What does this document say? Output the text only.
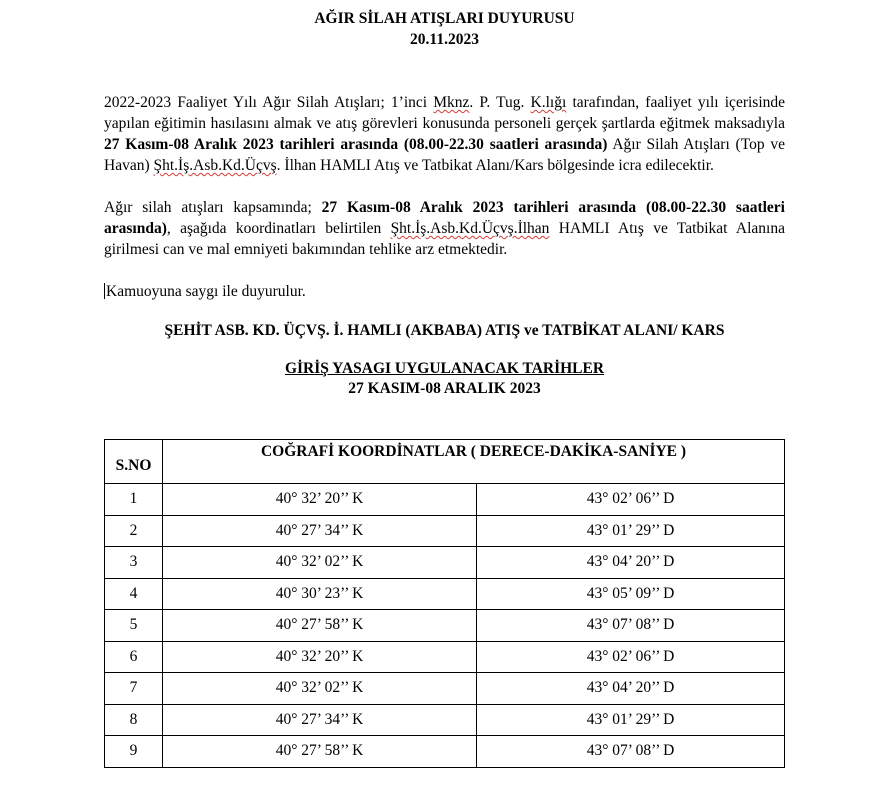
AĞIR SİLAH ATIŞLARI DUYURUSU
20.11.2023

2022-2023 Faaliyet Yılı Ağır Silah Atışları; 1’inci Mknz. P. Tug. K.lığı tarafından, faaliyet yılı içerisinde yapılan eğitimin hasılasını almak ve atış görevleri konusunda personeli gerçek şartlarda eğitmek maksadıyla 27 Kasım-08 Aralık 2023 tarihleri arasında (08.00-22.30 saatleri arasında) Ağır Silah Atışları (Top ve Havan) Şht.İş.Asb.Kd.Üçvş. İlhan HAMLI Atış ve Tatbikat Alanı/Kars bölgesinde icra edilecektir.

Ağır silah atışları kapsamında; 27 Kasım-08 Aralık 2023 tarihleri arasında (08.00-22.30 saatleri arasında), aşağıda koordinatları belirtilen Şht.İş.Asb.Kd.Üçvş.İlhan HAMLI Atış ve Tatbikat Alanına girilmesi can ve mal emniyeti bakımından tehlike arz etmektedir.

Kamuoyuna saygı ile duyurulur.

ŞEHİT ASB. KD. ÜÇVŞ. İ. HAMLI (AKBABA) ATIŞ ve TATBİKAT ALANI/ KARS
GİRİŞ YASAGI UYGULANACAK TARİHLER
27 KASIM-08 ARALIK 2023
S.NO	COĞRAFİ KOORDİNATLAR ( DERECE-DAKİKA-SANİYE )	
1	40° 32’ 20’’ K	43° 02’ 06’’ D
2	40° 27’ 34’’ K	43° 01’ 29’’ D
3	40° 32’ 02’’ K	43° 04’ 20’’ D
4	40° 30’ 23’’ K	43° 05’ 09’’ D
5	40° 27’ 58’’ K	43° 07’ 08’’ D
6	40° 32’ 20’’ K	43° 02’ 06’’ D
7	40° 32’ 02’’ K	43° 04’ 20’’ D
8	40° 27’ 34’’ K	43° 01’ 29’’ D
9	40° 27’ 58’’ K	43° 07’ 08’’ D
